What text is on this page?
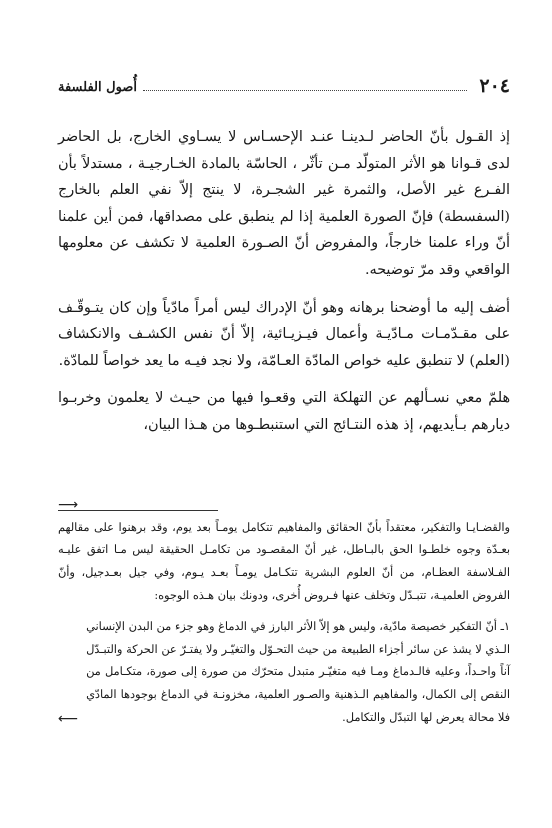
٢٠٤
أُصول الفلسفة

إذ القـول بأنّ الحاضر لـدينـا عنـد الإحسـاس لا يسـاوي الخارج، بل الحاضر لدى قـوانا هو الأثر المتولّد مـن تأثّر ، الحاسّة بالمادة الخـارجيـة ، مستدلاً بأن الفـرع غير الأصل، والثمرة غير الشجـرة، لا ينتج إلاّ نفي العلم بالخارج (السفسطة) فإنّ الصورة العلمية إذا لم ينطبق على مصداقها، فمن أين علمنا أنّ وراء علمنا خارجاً، والمفروض أنّ الصـورة العلمية لا تكشف عن معلومها الواقعي وقد مرّ توضيحه.

أضف إليه ما أوضحنا برهانه وهو أنّ الإدراك ليس أمراً مادّياً وإن كان يتـوقّـف على مقـدّمـات مـادّيـة وأعمال فيـزيـائية، إلاّ أنّ نفس الكشـف والانكشاف (العلم) لا تنطبق عليه خواص المادّة العـامّة، ولا نجد فيـه ما يعد خواصاً للمادّة.

هلمّ معي نسـألهم عن التهلكة التي وقعـوا فيها من حيـث لا يعلمون وخربـوا ديارهم بـأيديهم، إذ هذه النتـائج التي استنبطـوها من هـذا البيان،

⟶

والقضـايـا والتفكير، معتقداً بأنّ الحقائق والمفاهيم تتكامل يومـاً بعد يوم، وقد برهنوا على مقالهم بعـدّة وجوه خلطـوا الحق بالبـاطل، غير أنّ المقصـود من تكامـل الحقيقة ليس مـا اتفق عليـه الفـلاسفة العظـام، من أنّ العلوم البشرية تتكـامل يومـاً بعـد يـوم، وفي جيل بعـدجيل، وأنّ الفروض العلميـة، تتبـدّل وتخلف عنها فـروض أُخرى، ودونك بيان هـذه الوجوه:

١ـ أنّ التفكير خصيصة مادّية، وليس هو إلاّ الأثر البارز في الدماغ وهو جزء من البدن الإنساني الـذي لا يشذ عن سائر أجزاء الطبيعة من حيث التحـوّل والتغيّـر ولا يفتـرّ عن الحركة والتبـدّل آناً واحـداً، وعليه فالـدماغ ومـا فيه متغيّـر متبدل متحرّك من صورة إلى صورة، متكـامل من النقص إلى الكمال، والمفاهيم الـذهنية والصـور العلمية، مخزونـة في الدماغ بوجودها المادّي فلا محالة يعرض لها التبدّل والتكامل.

⟵
